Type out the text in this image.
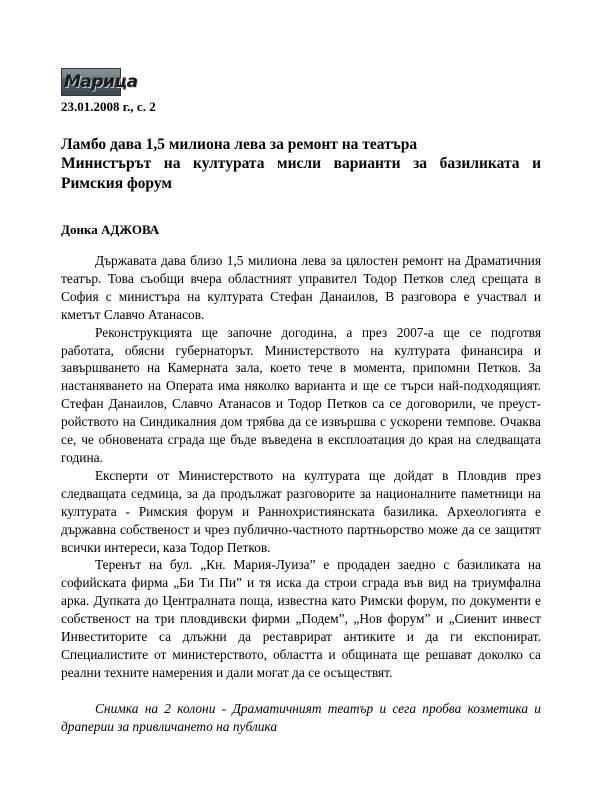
Марица
23.01.2008 г., с. 2
Ламбо дава 1,5 милиона лева за ремонт на театъра
Министърът на културата мисли варианти за базиликата и Римския форум
Донка АДЖОВА

Държавата дава близо 1,5 милиона лева за цялостен ремонт на Драматичния театър. Това съобщи вчера областният управител Тодор Петков след срещата в София с министъра на културата Стефан Данаилов, В разговора е участвал и кметът Славчо Атанасов.

Реконструкцията ще започне догодина, а през 2007-а ще се подготвя работата, обясни губернаторът. Министерството на културата финансира и завършването на Камерната зала, което тече в момента, припомни Петков. За настаняването на Операта има няколко варианта и ще се търси най-подходящият. Стефан Данаилов, Славчо Атанасов и Тодор Петков са се договорили, че преустройството на Синдикалния дом трябва да се извършва с ускорени темпове. Очаква се, че обновената сграда ще бъде въведена в експлоатация до края на следващата година.

Експерти от Министерството на културата ще дойдат в Пловдив през следващата седмица, за да продължат разговорите за националните паметници на културата - Римския форум и Раннохристиянската базилика. Археологията е държавна собственост и чрез публично-частното партньорство може да се защитят всички интереси, каза Тодор Петков.

Теренът на бул. „Кн. Мария-Луиза” е продаден заедно с базиликата на софийската фирма „Би Ти Пи” и тя иска да строи сграда във вид на триумфална арка. Дупката до Централната поща, известна като Римски форум, по документи е собственост на три пловдивски фирми „Подем”, „Нов форум” и „Сиенит инвест Инвеститорите са длъжни да реставрират антиките и да ги експонират. Специалистите от министерството, областта и общината ще решават доколко са реални техните намерения и дали могат да се осъществят.

Снимка на 2 колони - Драматичният театър и сега пробва козметика и драперии за привличането на публика
